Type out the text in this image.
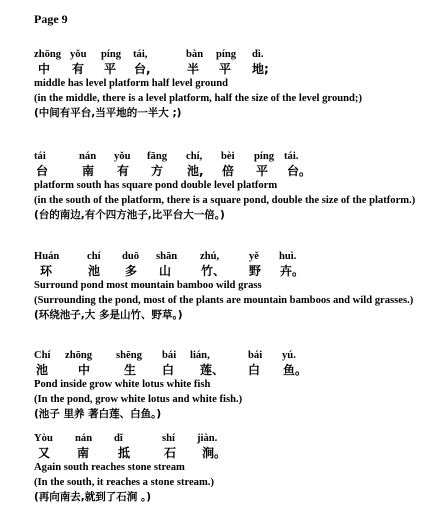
Page 9
zhōng yǒu píng tái,	bàn píng dì.
中 有 平 台,	半 平 地;
middle has level platform half level ground
(in the middle, there is a level platform, half the size of the level ground;)
(中间有平台,当平地的一半大 ;)
tái	nán yǒu fāng chí, bèi píng tái.
台	南 有 方 池, 倍 平 台。
platform south has square pond double level platform
(in the south of the platform, there is a square pond, double the size of the platform.)
(台的南边,有个四方池子,比平台大一倍。)
Huán	chí duō shān zhú,	yě huì.
环	池 多 山 竹、 野 卉。
Surround pond most mountain bamboo wild grass
(Surrounding the pond, most of the plants are mountain bamboos and wild grasses.)
(环绕池子,大 多是山竹、野草。)
Chí zhōng shēng bái lián,	bái yú.
池 中	生 白 莲、 白 鱼。
Pond inside grow white lotus white fish
(In the pond, grow white lotus and white fish.)
(池子 里养 著白莲、白鱼。)
Yòu nán dǐ	shí jiàn.
又 南 抵	石 涧。
Again south reaches stone stream
(In the south, it reaches a stone stream.)
(再向南去,就到了石涧 。)
